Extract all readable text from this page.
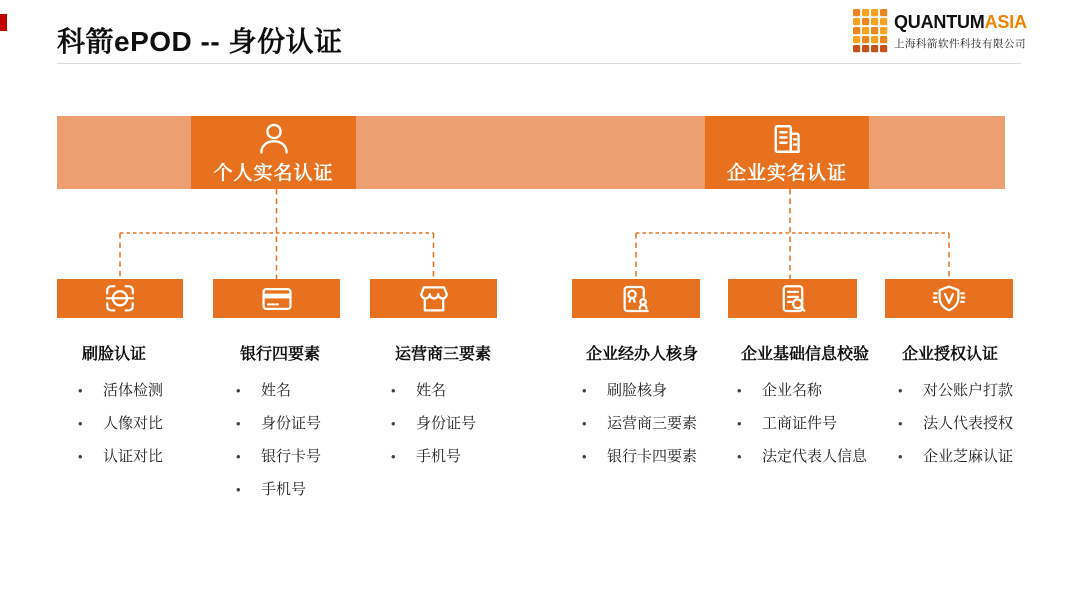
科箭ePOD -- 身份认证
QUANTUMASIA
上海科箭软件科技有限公司
个人实名认证	企业实名认证
刷脸认证
•	活体检测
•	人像对比
•	认证对比
银行四要素
•	姓名
•	身份证号
•	银行卡号
•	手机号
运营商三要素
•	姓名
•	身份证号
•	手机号
企业经办人核身
•	刷脸核身
•	运营商三要素
•	银行卡四要素
企业基础信息校验
•	企业名称
•	工商证件号
•	法定代表人信息
企业授权认证
•	对公账户打款
•	法人代表授权
•	企业芝麻认证
